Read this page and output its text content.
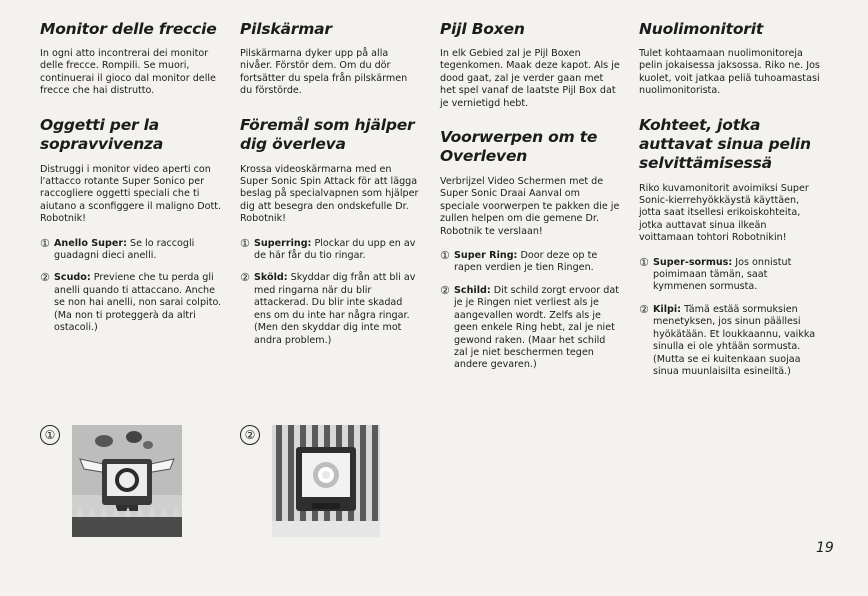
Monitor delle freccie

In ogni atto incontrerai dei monitor delle frecce. Rompili. Se muori, continuerai il gioco dal monitor delle frecce che hai distrutto.

Oggetti per la sopravvivenza

Distruggi i monitor video aperti con l'attacco rotante Super Sonico per raccogliere oggetti speciali che ti aiutano a sconfiggere il maligno Dott. Robotnik!

① Anello Super: Se lo raccogli guadagni dieci anelli.
② Scudo: Previene che tu perda gli anelli quando ti attaccano. Anche se non hai anelli, non sarai colpito. (Ma non ti proteggerà da altri ostacoli.)
Pilskärmar

Pilskärmarna dyker upp på alla nivåer. Förstör dem. Om du dör fortsätter du spela från pilskärmen du förstörde.

Föremål som hjälper dig överleva

Krossa videoskärmarna med en Super Sonic Spin Attack för att lägga beslag på specialvapnen som hjälper dig att besegra den ondskefulle Dr. Robotnik!

① Superring: Plockar du upp en av de här får du tio ringar.
② Sköld: Skyddar dig från att bli av med ringarna när du blir attackerad. Du blir inte skadad ens om du inte har några ringar. (Men den skyddar dig inte mot andra problem.)
Pijl Boxen

In elk Gebied zal je Pijl Boxen tegenkomen. Maak deze kapot. Als je dood gaat, zal je verder gaan met het spel vanaf de laatste Pijl Box dat je vernietigd hebt.

Voorwerpen om te Overleven

Verbrijzel Video Schermen met de Super Sonic Draai Aanval om speciale voorwerpen te pakken die je zullen helpen om die gemene Dr. Robotnik te verslaan!

① Super Ring: Door deze op te rapen verdien je tien Ringen.
② Schild: Dit schild zorgt ervoor dat je je Ringen niet verliest als je aangevallen wordt. Zelfs als je geen enkele Ring hebt, zal je niet gewond raken. (Maar het schild zal je niet beschermen tegen andere gevaren.)
Nuolimonitorit

Tulet kohtaamaan nuolimonitoreja pelin jokaisessa jaksossa. Riko ne. Jos kuolet, voit jatkaa peliä tuhoamastasi nuolimonitorista.

Kohteet, jotka auttavat sinua pelin selvittämisessä

Riko kuvamonitorit avoimiksi Super Sonic-kierrehyökkäystä käyttäen, jotta saat itsellesi erikoiskohteita, jotka auttavat sinua ilkeän voittamaan tohtori Robotnikin!

① Super-sormus: Jos onnistut poimimaan tämän, saat kymmenen sormusta.
② Kilpi: Tämä estää sormuksien menetyksen, jos sinun päällesi hyökätään. Et loukkaannu, vaikka sinulla ei ole yhtään sormusta. (Mutta se ei kuitenkaan suojaa sinua muunlaisilta esineiltä.)
①	②
19
